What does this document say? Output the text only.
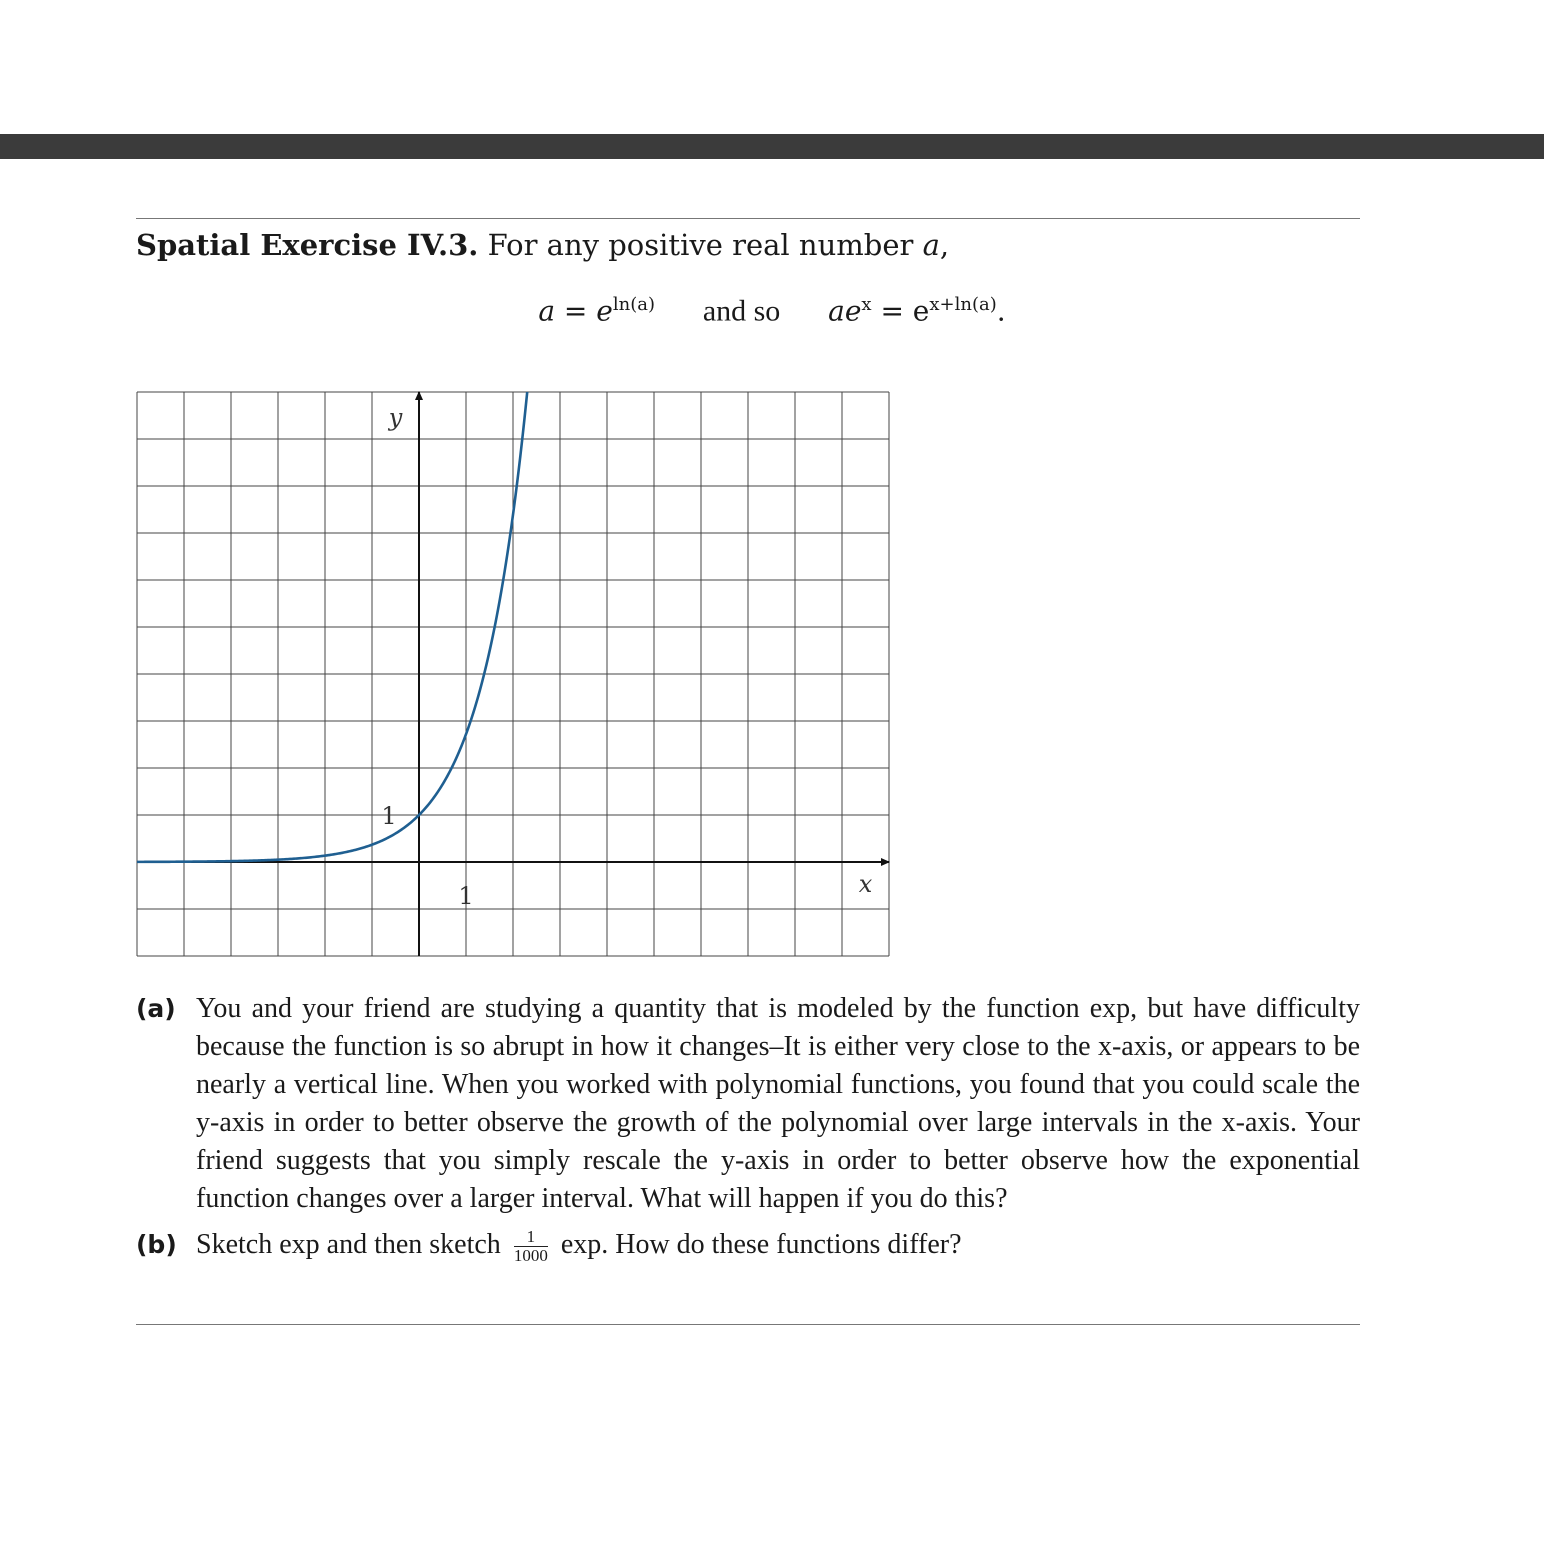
Spatial Exercise IV.3. For any positive real number a,
$a = e^{ln(a)}$ and so $ae^x = e^{x+ln(a)}$.
1
1
x
y
(a) You and your friend are studying a quantity that is modeled by the function exp, but have difficulty because the function is so abrupt in how it changes–It is either very close to the x-axis, or appears to be nearly a vertical line. When you worked with polynomial functions, you found that you could scale the y-axis in order to better observe the growth of the polynomial over large intervals in the x-axis. Your friend suggests that you simply rescale the y-axis in order to better observe how the exponential function changes over a larger interval. What will happen if you do this?
(b) Sketch exp and then sketch $\frac{1}{1000} \exp$. How do these functions differ?
